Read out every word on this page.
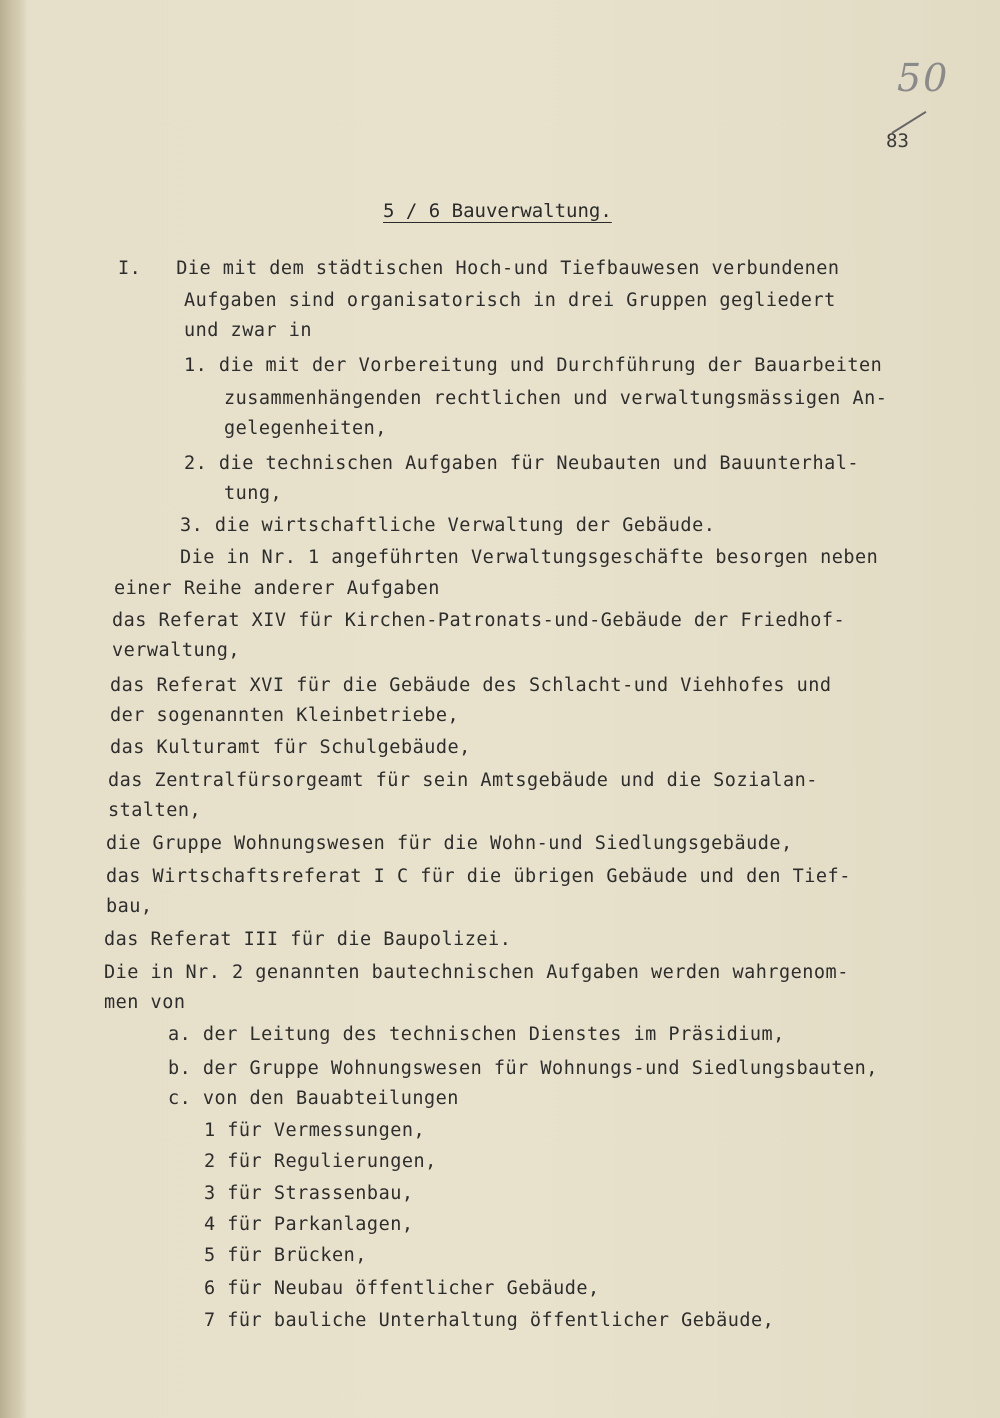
50
83
5 / 6 Bauverwaltung.
I.   Die mit dem städtischen Hoch-und Tiefbauwesen verbundenen
Aufgaben sind organisatorisch in drei Gruppen gegliedert
und zwar in
1. die mit der Vorbereitung und Durchführung der Bauarbeiten
zusammenhängenden rechtlichen und verwaltungsmässigen An-
gelegenheiten,
2. die technischen Aufgaben für Neubauten und Bauunterhal-
tung,
3. die wirtschaftliche Verwaltung der Gebäude.
Die in Nr. 1 angeführten Verwaltungsgeschäfte besorgen neben
einer Reihe anderer Aufgaben
das Referat XIV für Kirchen-Patronats-und-Gebäude der Friedhof-
verwaltung,
das Referat XVI für die Gebäude des Schlacht-und Viehhofes und
der sogenannten Kleinbetriebe,
das Kulturamt für Schulgebäude,
das Zentralfürsorgeamt für sein Amtsgebäude und die Sozialan-
stalten,
die Gruppe Wohnungswesen für die Wohn-und Siedlungsgebäude,
das Wirtschaftsreferat I C für die übrigen Gebäude und den Tief-
bau,
das Referat III für die Baupolizei.
Die in Nr. 2 genannten bautechnischen Aufgaben werden wahrgenom-
men von
a. der Leitung des technischen Dienstes im Präsidium,
b. der Gruppe Wohnungswesen für Wohnungs-und Siedlungsbauten,
c. von den Bauabteilungen
1 für Vermessungen,
2 für Regulierungen,
3 für Strassenbau,
4 für Parkanlagen,
5 für Brücken,
6 für Neubau öffentlicher Gebäude,
7 für bauliche Unterhaltung öffentlicher Gebäude,
